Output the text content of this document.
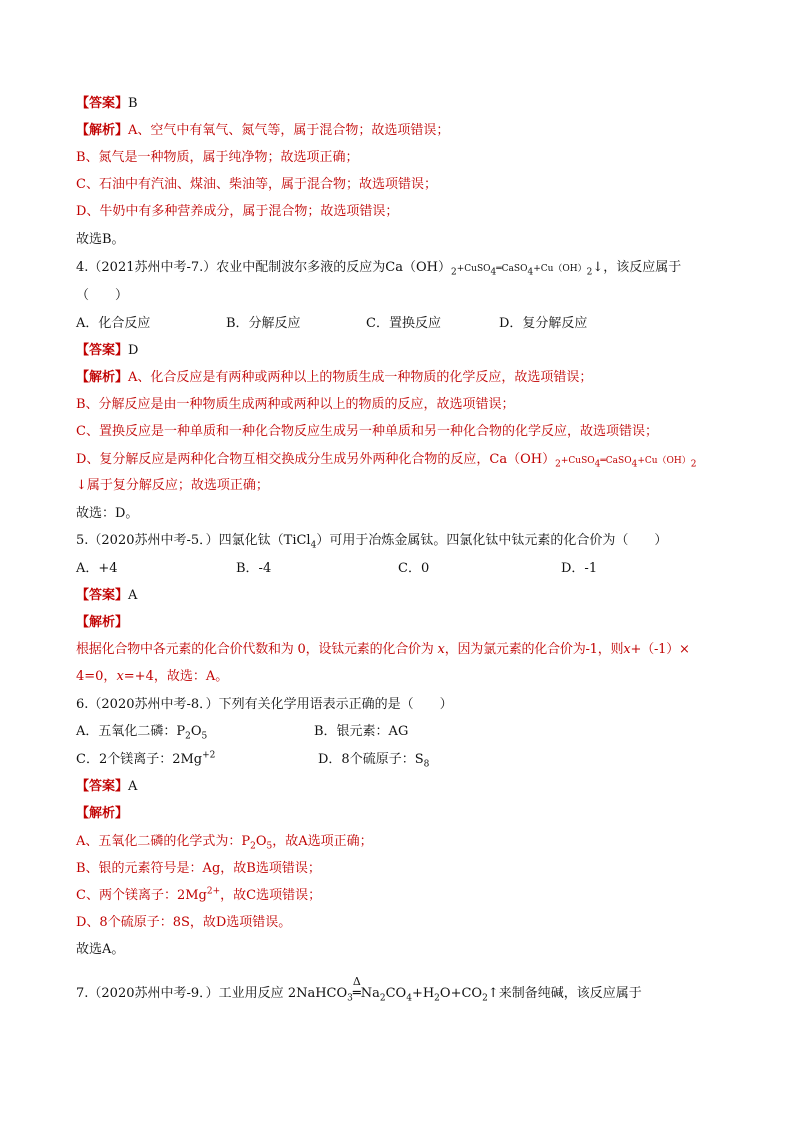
【答案】B
【解析】A、空气中有氧气、氮气等，属于混合物；故选项错误；
B、氮气是一种物质，属于纯净物；故选项正确；
C、石油中有汽油、煤油、柴油等，属于混合物；故选项错误；
D、牛奶中有多种营养成分，属于混合物；故选项错误；
故选B。
4.（2021苏州中考-7.）农业中配制波尔多液的反应为$Ca(OH)_2+CuSO_4═CaSO_4+Cu(OH)_2↓$，该反应属于
（　　）
A．化合反应	B．分解反应	C．置换反应	D．复分解反应
【答案】D
【解析】A、化合反应是有两种或两种以上的物质生成一种物质的化学反应，故选项错误；
B、分解反应是由一种物质生成两种或两种以上的物质的反应，故选项错误；
C、置换反应是一种单质和一种化合物反应生成另一种单质和另一种化合物的化学反应，故选项错误；
D、复分解反应是两种化合物互相交换成分生成另外两种化合物的反应，$Ca(OH)_2+CuSO_4═CaSO_4+Cu(OH)_2$
↓属于复分解反应；故选项正确；
故选：D。
5.（2020苏州中考-5．）四氯化钛（TiCl$_4$）可用于冶炼金属钛。四氯化钛中钛元素的化合价为（　　）
A．+4	B．-4	C．0	D．-1
【答案】A
【解析】
根据化合物中各元素的化合价代数和为 0，设钛元素的化合价为 x，因为氯元素的化合价为-1，则x+（-1）×
4=0，x=+4，故选：A。
6.（2020苏州中考-8．）下列有关化学用语表示正确的是（　　）
A．五氧化二磷：$P_2O_5$	B．银元素：AG
C．2个镁离子：$2Mg^{+2}$	D．8个硫原子：$S_8$
【答案】A
【解析】
A、五氧化二磷的化学式为：$P_2O_5$，故A选项正确；
B、银的元素符号是：Ag，故B选项错误；
C、两个镁离子：$2Mg^{2+}$，故C选项错误；
D、8个硫原子：8S，故D选项错误。
故选A。
7.（2020苏州中考-9．）工业用反应 2NaHCO$_3$
Δ
$═Na_2CO_4+H_2O+CO_2↑$来制备纯碱，该反应属于
